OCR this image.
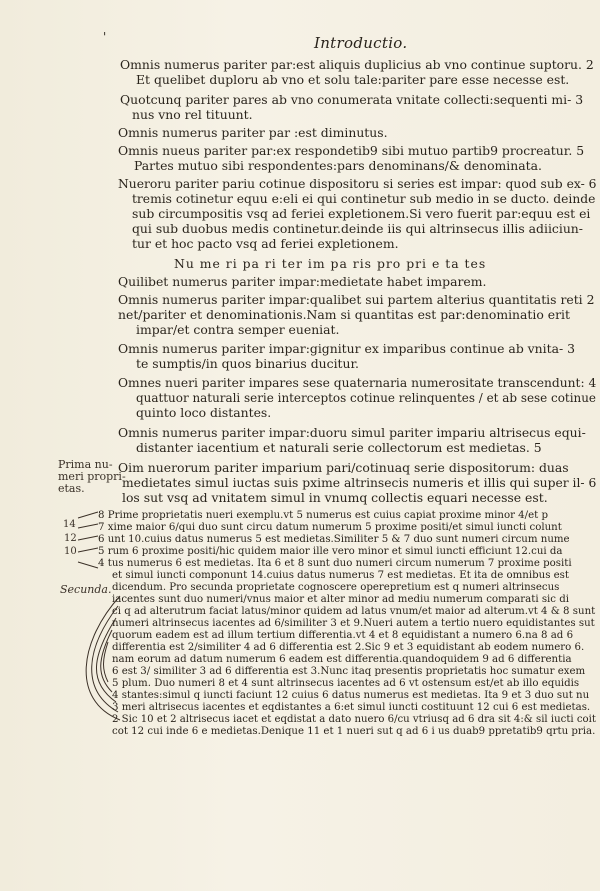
'	Introductio.
Omnis numerus pariter par:est aliquis duplicius ab vno continue suptoru. 2
Et quelibet duploru ab vno et solu tale:pariter pare esse necesse est.
Quotcunq pariter pares ab vno conumerata vnitate collecti:sequenti mi- 3
nus vno rel tituunt.
Omnis numerus pariter par :est diminutus.
Omnis nueus pariter par:ex respondetib9 sibi mutuo partib9 procreatur. 5
Partes mutuo sibi respondentes:pars denominans/& denominata.
Nueroru pariter pariu cotinue dispositoru si series est impar: quod sub ex- 6
tremis cotinetur equu e:eli ei qui continetur sub medio in se ducto. deinde
sub circumpositis vsq ad feriei expletionem.Si vero fuerit par:equu est ei
qui sub duobus medis continetur.deinde iis qui altrinsecus illis adiiciun-
tur et hoc pacto vsq ad feriei expletionem.
Nu me ri pa ri ter im pa ris pro pri e ta tes
Quilibet numerus pariter impar:medietate habet imparem.
Omnis numerus pariter impar:qualibet sui partem alterius quantitatis reti 2
net/pariter et denominationis.Nam si quantitas est par:denominatio erit
impar/et contra semper eueniat.
Omnis numerus pariter impar:gignitur ex imparibus continue ab vnita- 3
te sumptis/in quos binarius ducitur.
Omnes nueri pariter impares sese quaternaria numerositate transcendunt: 4
quattuor naturali serie interceptos cotinue relinquentes / et ab sese cotinue
quinto loco distantes.
Omnis numerus pariter impar:duoru simul pariter impariu altrisecus equi-
distanter iacentium et naturali serie collectorum est medietas. 5
Oim nuerorum pariter imparium pari/cotinuaq serie dispositorum: duas
medietates simul iuctas suis pxime altrinsecis numeris et illis qui super il- 6
los sut vsq ad vnitatem simul in vnumq collectis equari necesse est.
Prima nu-
meri propri-
etas.
Secunda.
14
12
10
8 Prime proprietatis nueri exemplu.vt 5 numerus est cuius capiat proxime minor 4/et p
7 xime maior 6/qui duo sunt circu datum numerum 5 proxime positi/et simul iuncti colunt
6 unt 10.cuius datus numerus 5 est medietas.Similiter 5 & 7 duo sunt numeri circum nume
5 rum 6 proxime positi/hic quidem maior ille vero minor et simul iuncti efficiunt 12.cui da
4 tus numerus 6 est medietas. Ita 6 et 8 sunt duo numeri circum numerum 7 proxime positi
et simul iuncti componunt 14.cuius datus numerus 7 est medietas. Et ita de omnibus est
dicendum. Pro secunda proprietate cognoscere operepretium est q numeri altrinsecus
iacentes sunt duo numeri/vnus maior et alter minor ad mediu numerum comparati sic di
ci q ad alterutrum faciat latus/minor quidem ad latus vnum/et maior ad alterum.vt 4 & 8 sunt
numeri altrinsecus iacentes ad 6/similiter 3 et 9.Nueri autem a tertio nuero equidistantes sut
quorum eadem est ad illum tertium differentia.vt 4 et 8 equidistant a numero 6.na 8 ad 6
differentia est 2/similiter 4 ad 6 differentia est 2.Sic 9 et 3 equidistant ab eodem numero 6.
nam eorum ad datum numerum 6 eadem est differentia.quandoquidem 9 ad 6 differentia
6 est 3/ similiter 3 ad 6 differentia est 3.Nunc itaq presentis proprietatis hoc sumatur exem
5 plum. Duo numeri 8 et 4 sunt altrinsecus iacentes ad 6 vt ostensum est/et ab illo equidis
4 stantes:simul q iuncti faciunt 12 cuius 6 datus numerus est medietas. Ita 9 et 3 duo sut nu
3 meri altrisecus iacentes et eqdistantes a 6:et simul iuncti costituunt 12 cui 6 est medietas.
2 Sic 10 et 2 altrisecus iacet et eqdistat a dato nuero 6/cu vtriusq ad 6 dra sit 4:& sil iucti coit
cot 12 cui inde 6 e medietas.Denique 11 et 1 nueri sut q ad 6 i us duab9 ppretatib9 qrtu pria.
